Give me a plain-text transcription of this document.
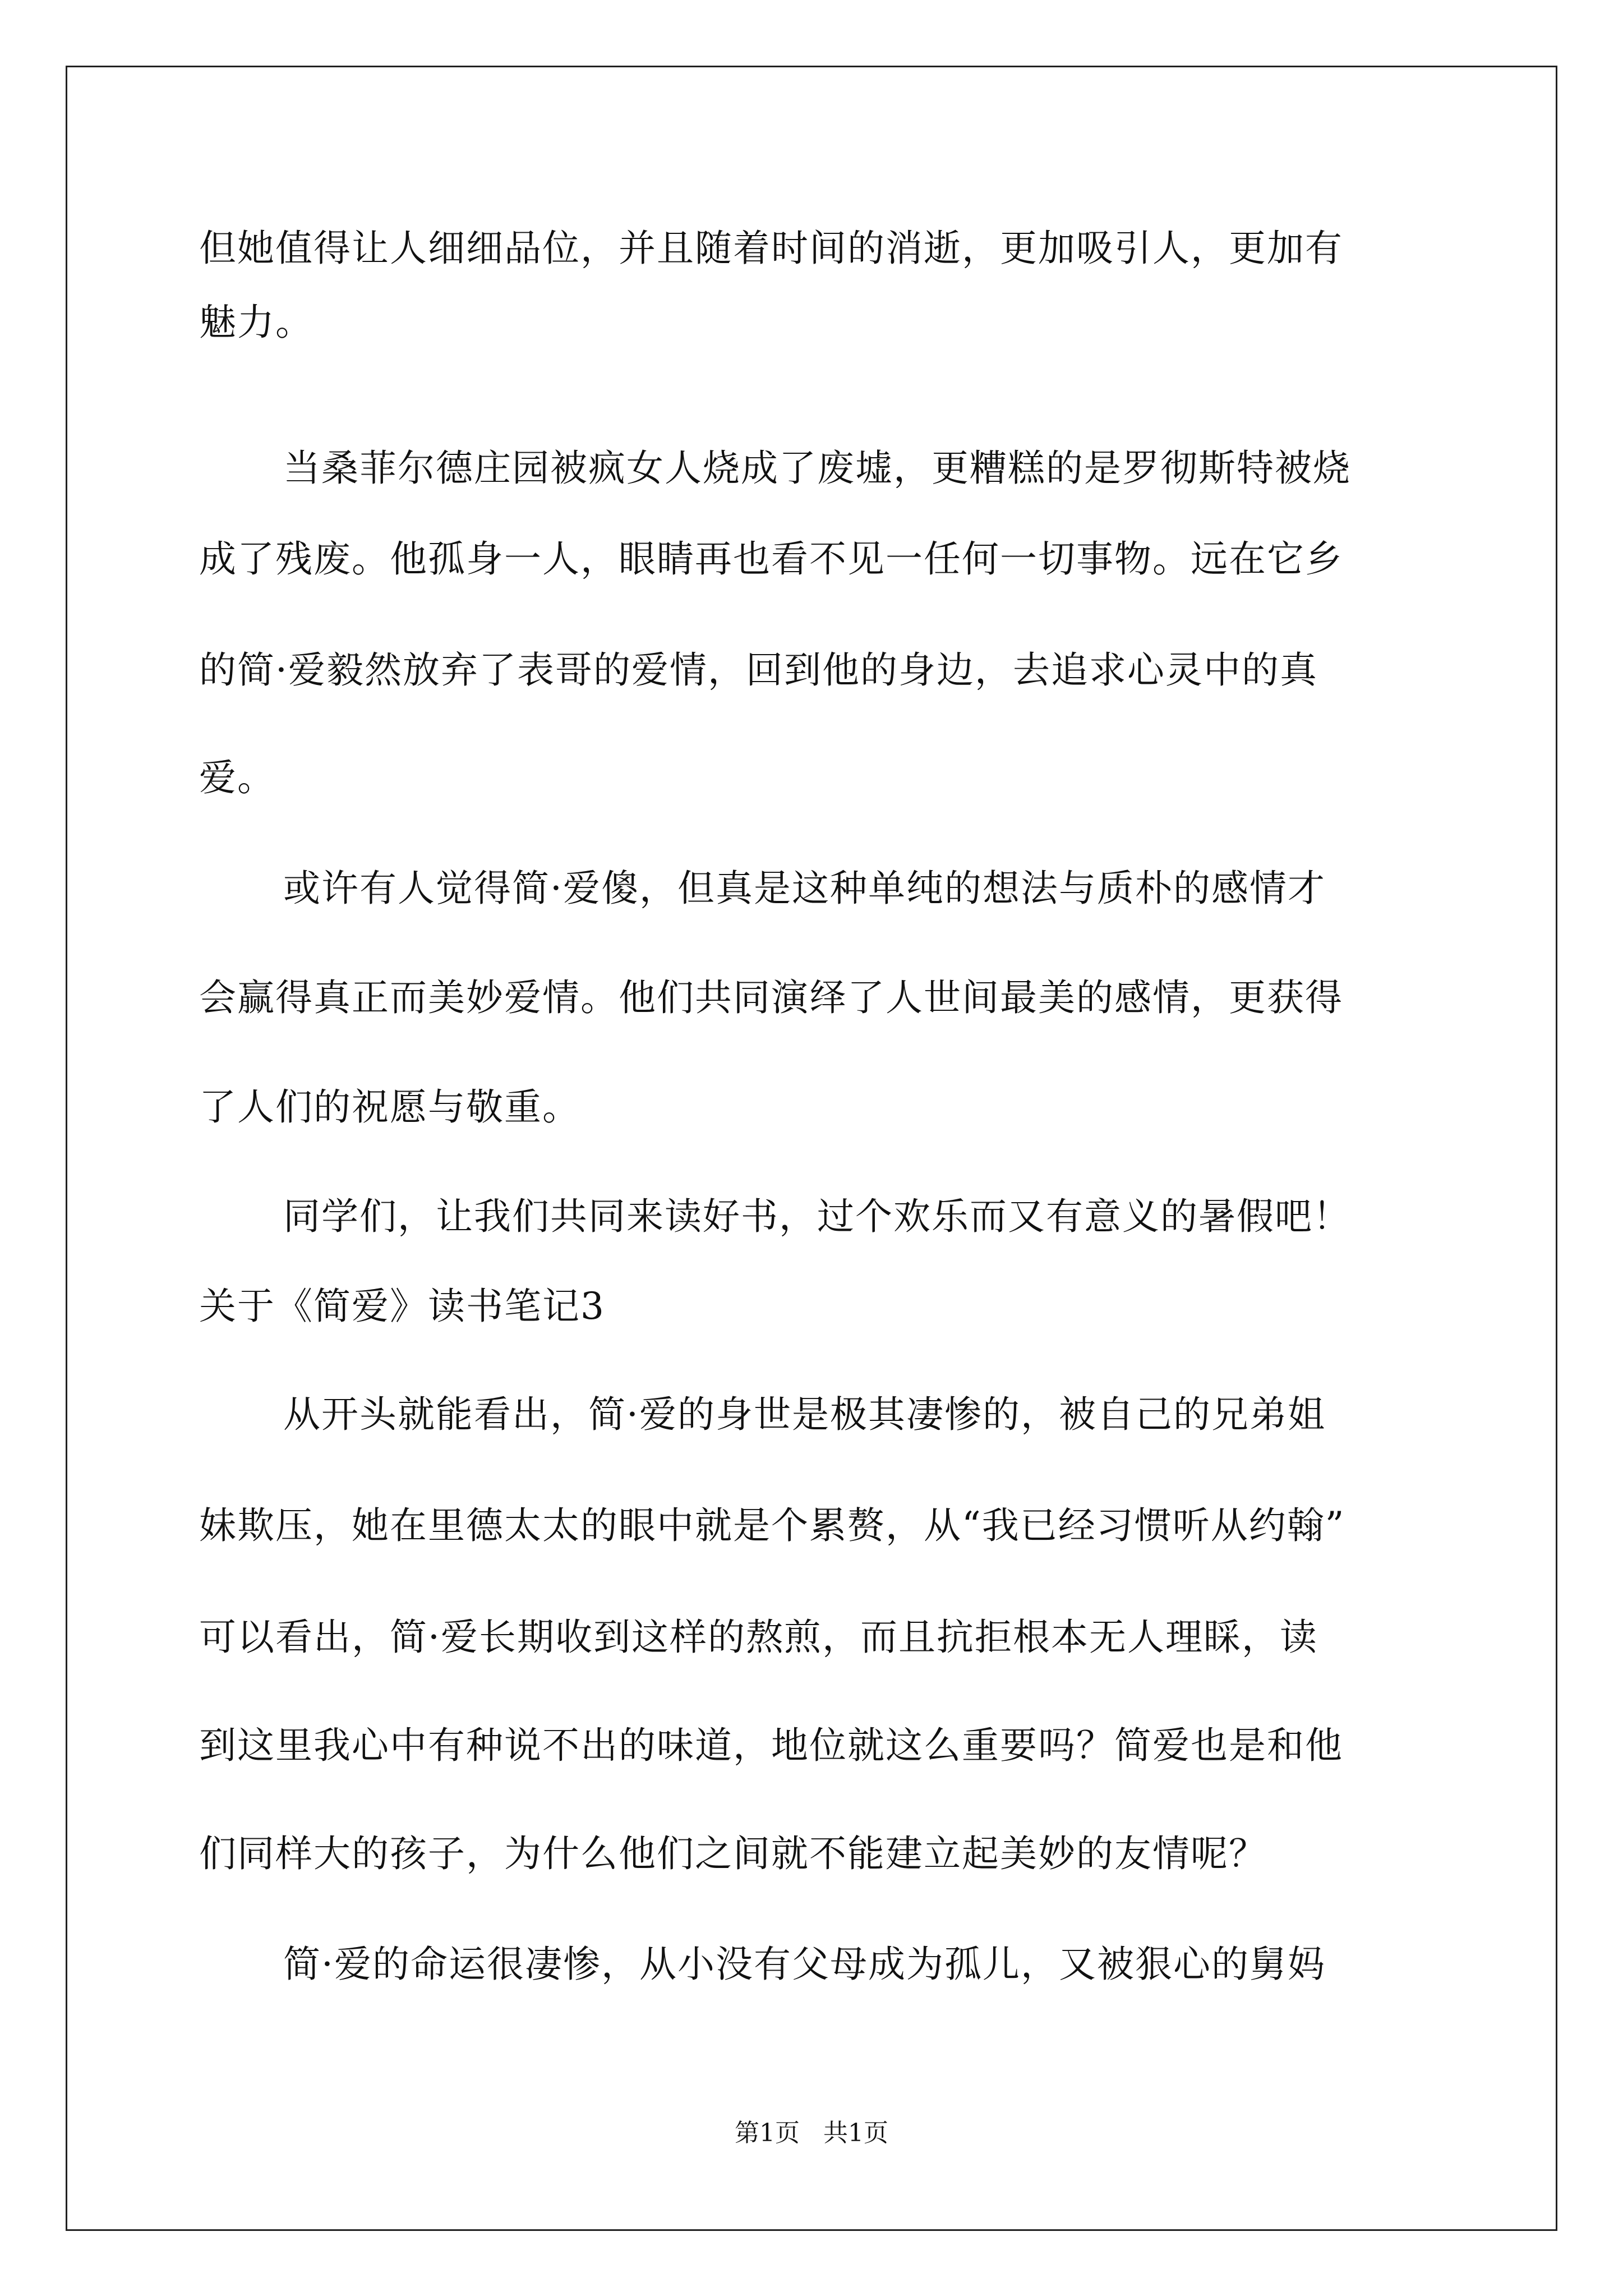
但她值得让人细细品位，并且随着时间的消逝，更加吸引人，更加有
魅力。
当桑菲尔德庄园被疯女人烧成了废墟，更糟糕的是罗彻斯特被烧
成了残废。他孤身一人，眼睛再也看不见一任何一切事物。远在它乡
的简·爱毅然放弃了表哥的爱情，回到他的身边，去追求心灵中的真
爱。
或许有人觉得简·爱傻，但真是这种单纯的想法与质朴的感情才
会赢得真正而美妙爱情。他们共同演绎了人世间最美的感情，更获得
了人们的祝愿与敬重。
同学们，让我们共同来读好书，过个欢乐而又有意义的暑假吧！
关于《简爱》读书笔记3
从开头就能看出，简·爱的身世是极其凄惨的，被自己的兄弟姐
妹欺压，她在里德太太的眼中就是个累赘，从“我已经习惯听从约翰”
可以看出，简·爱长期收到这样的熬煎，而且抗拒根本无人理睬，读
到这里我心中有种说不出的味道，地位就这么重要吗？简爱也是和他
们同样大的孩子，为什么他们之间就不能建立起美妙的友情呢？
简·爱的命运很凄惨，从小没有父母成为孤儿，又被狠心的舅妈
第1页   共1页
